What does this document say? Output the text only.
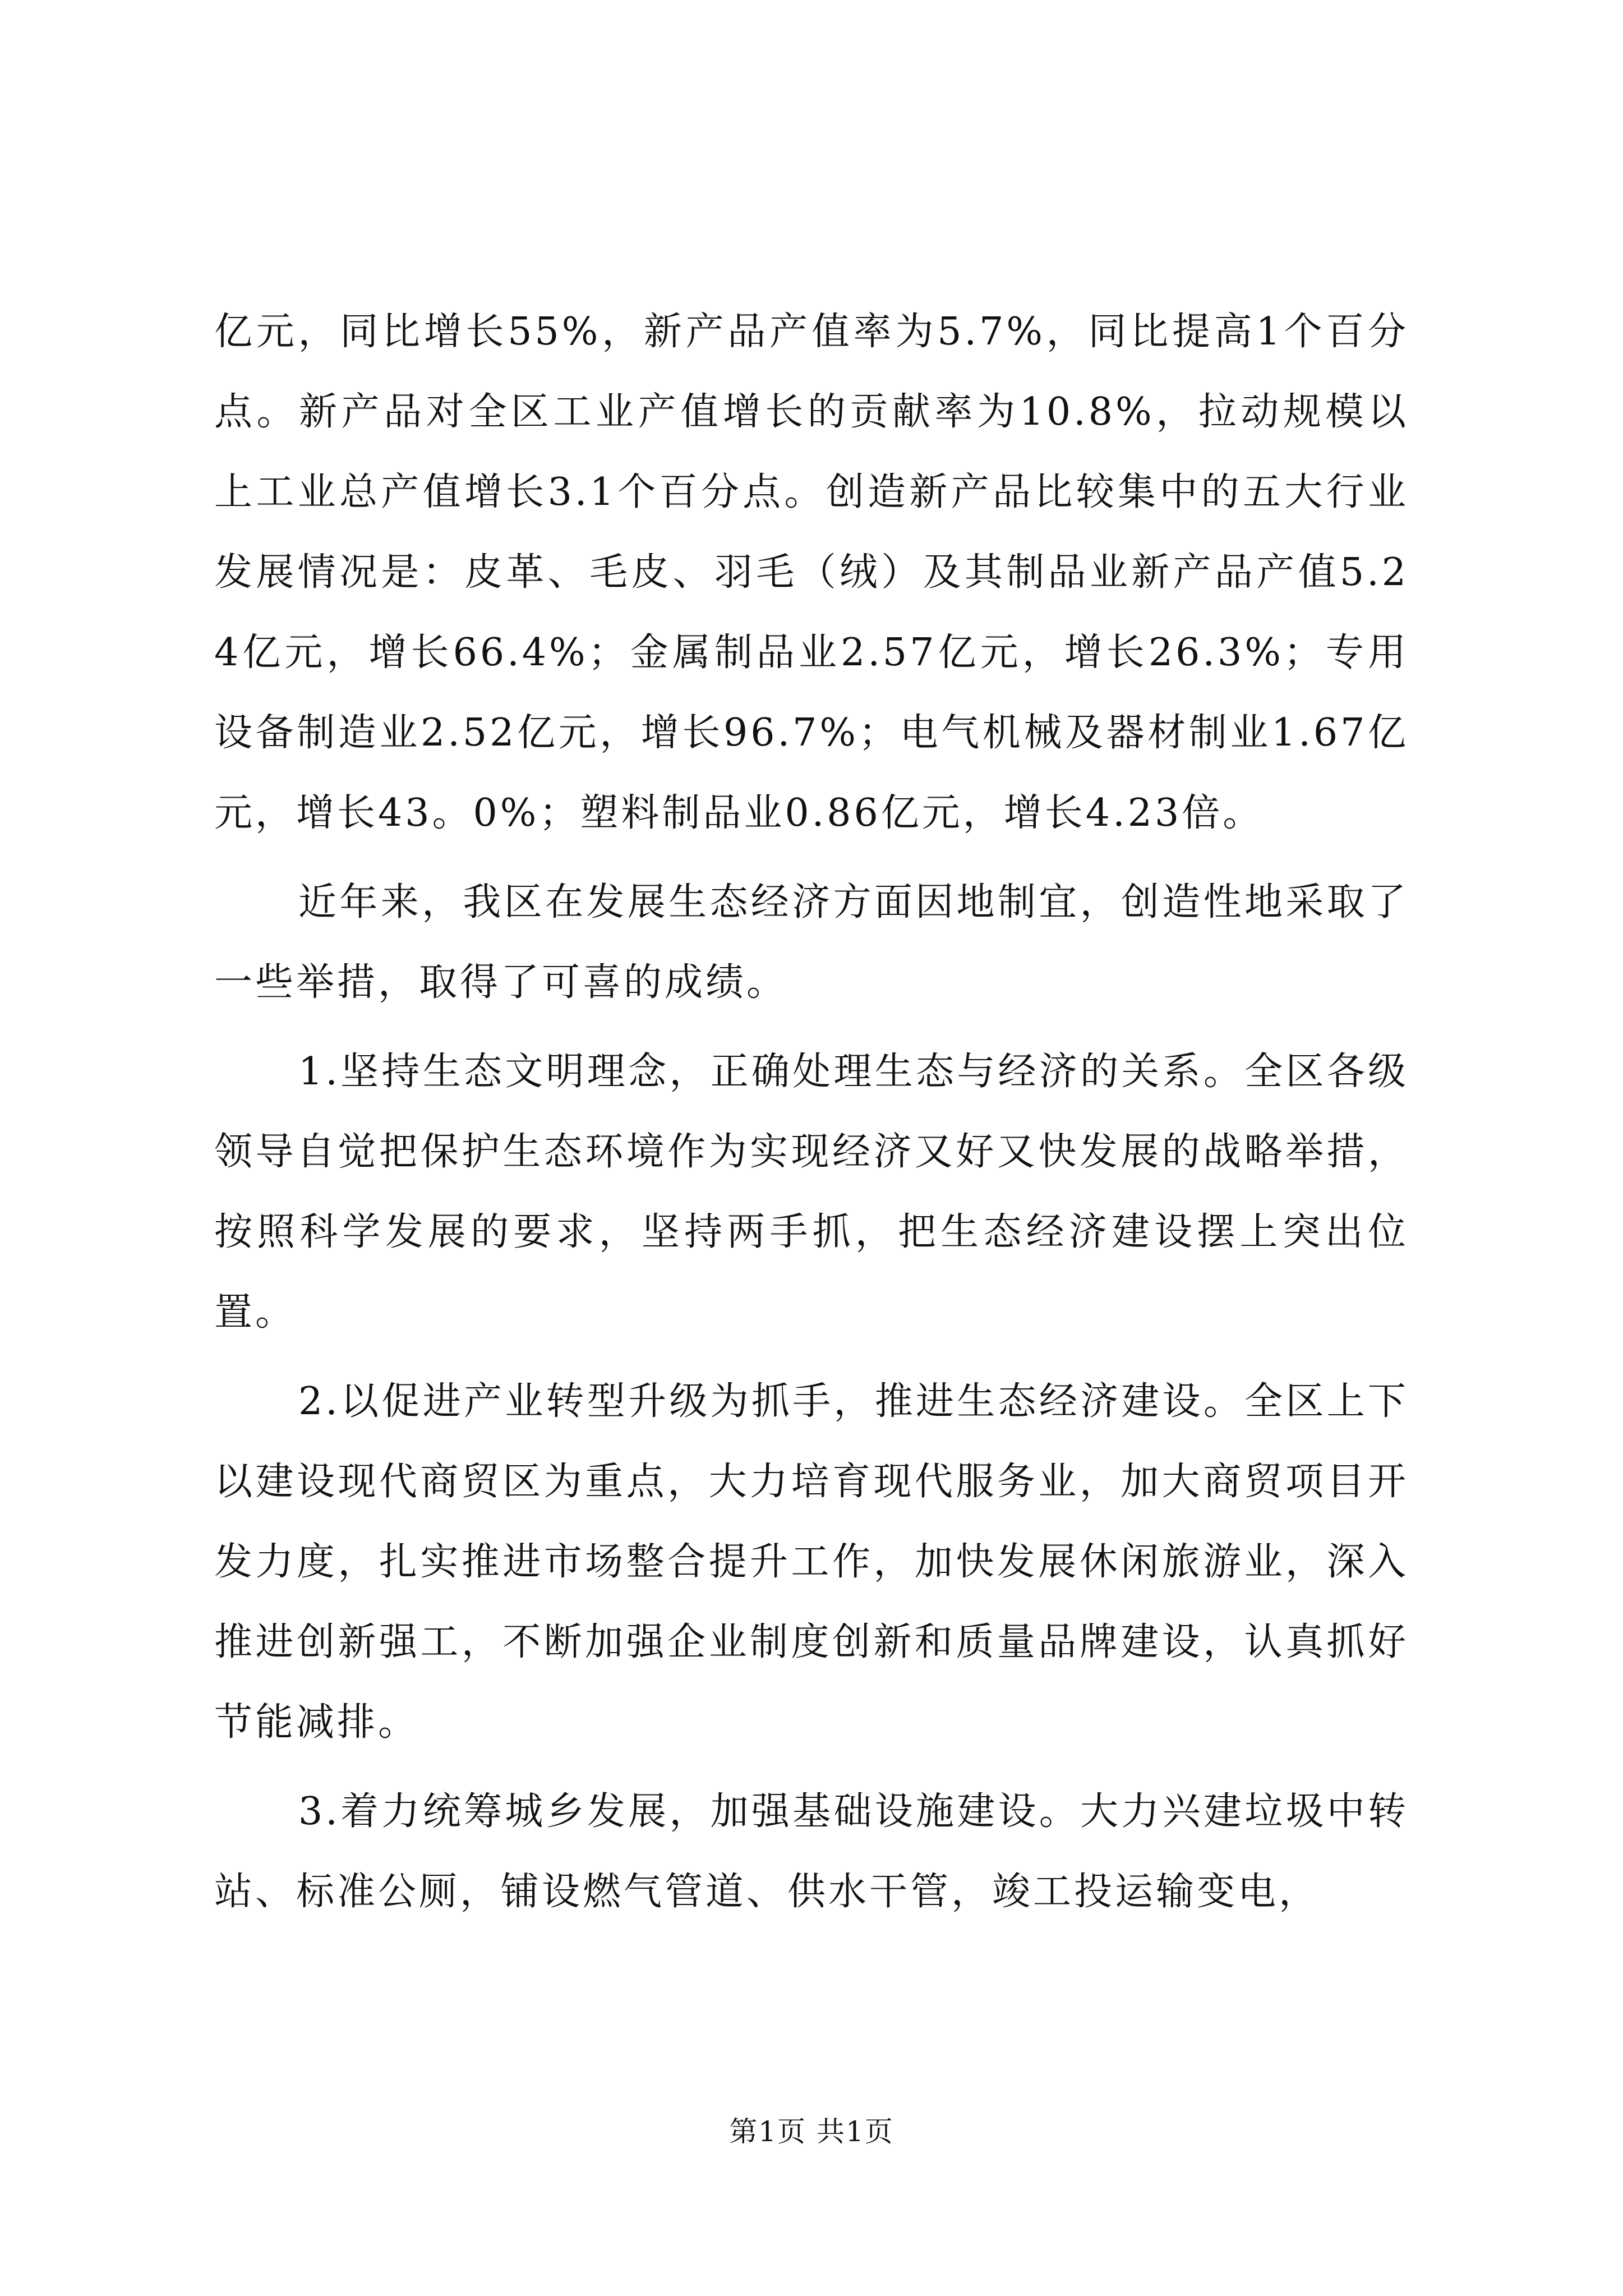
亿元，同比增长55%，新产品产值率为5.7%，同比提高1个百分点。新产品对全区工业产值增长的贡献率为10.8%，拉动规模以上工业总产值增长3.1个百分点。创造新产品比较集中的五大行业发展情况是：皮革、毛皮、羽毛（绒）及其制品业新产品产值5.24亿元，增长66.4%；金属制品业2.57亿元，增长26.3%；专用设备制造业2.52亿元，增长96.7%；电气机械及器材制业1.67亿元，增长43。0%；塑料制品业0.86亿元，增长4.23倍。

近年来，我区在发展生态经济方面因地制宜，创造性地采取了一些举措，取得了可喜的成绩。

1.坚持生态文明理念，正确处理生态与经济的关系。全区各级领导自觉把保护生态环境作为实现经济又好又快发展的战略举措，按照科学发展的要求，坚持两手抓，把生态经济建设摆上突出位置。

2.以促进产业转型升级为抓手，推进生态经济建设。全区上下以建设现代商贸区为重点，大力培育现代服务业，加大商贸项目开发力度，扎实推进市场整合提升工作，加快发展休闲旅游业，深入推进创新强工，不断加强企业制度创新和质量品牌建设，认真抓好节能减排。

3.着力统筹城乡发展，加强基础设施建设。大力兴建垃圾中转站、标准公厕，铺设燃气管道、供水干管，竣工投运输变电，

第1页 共1页
